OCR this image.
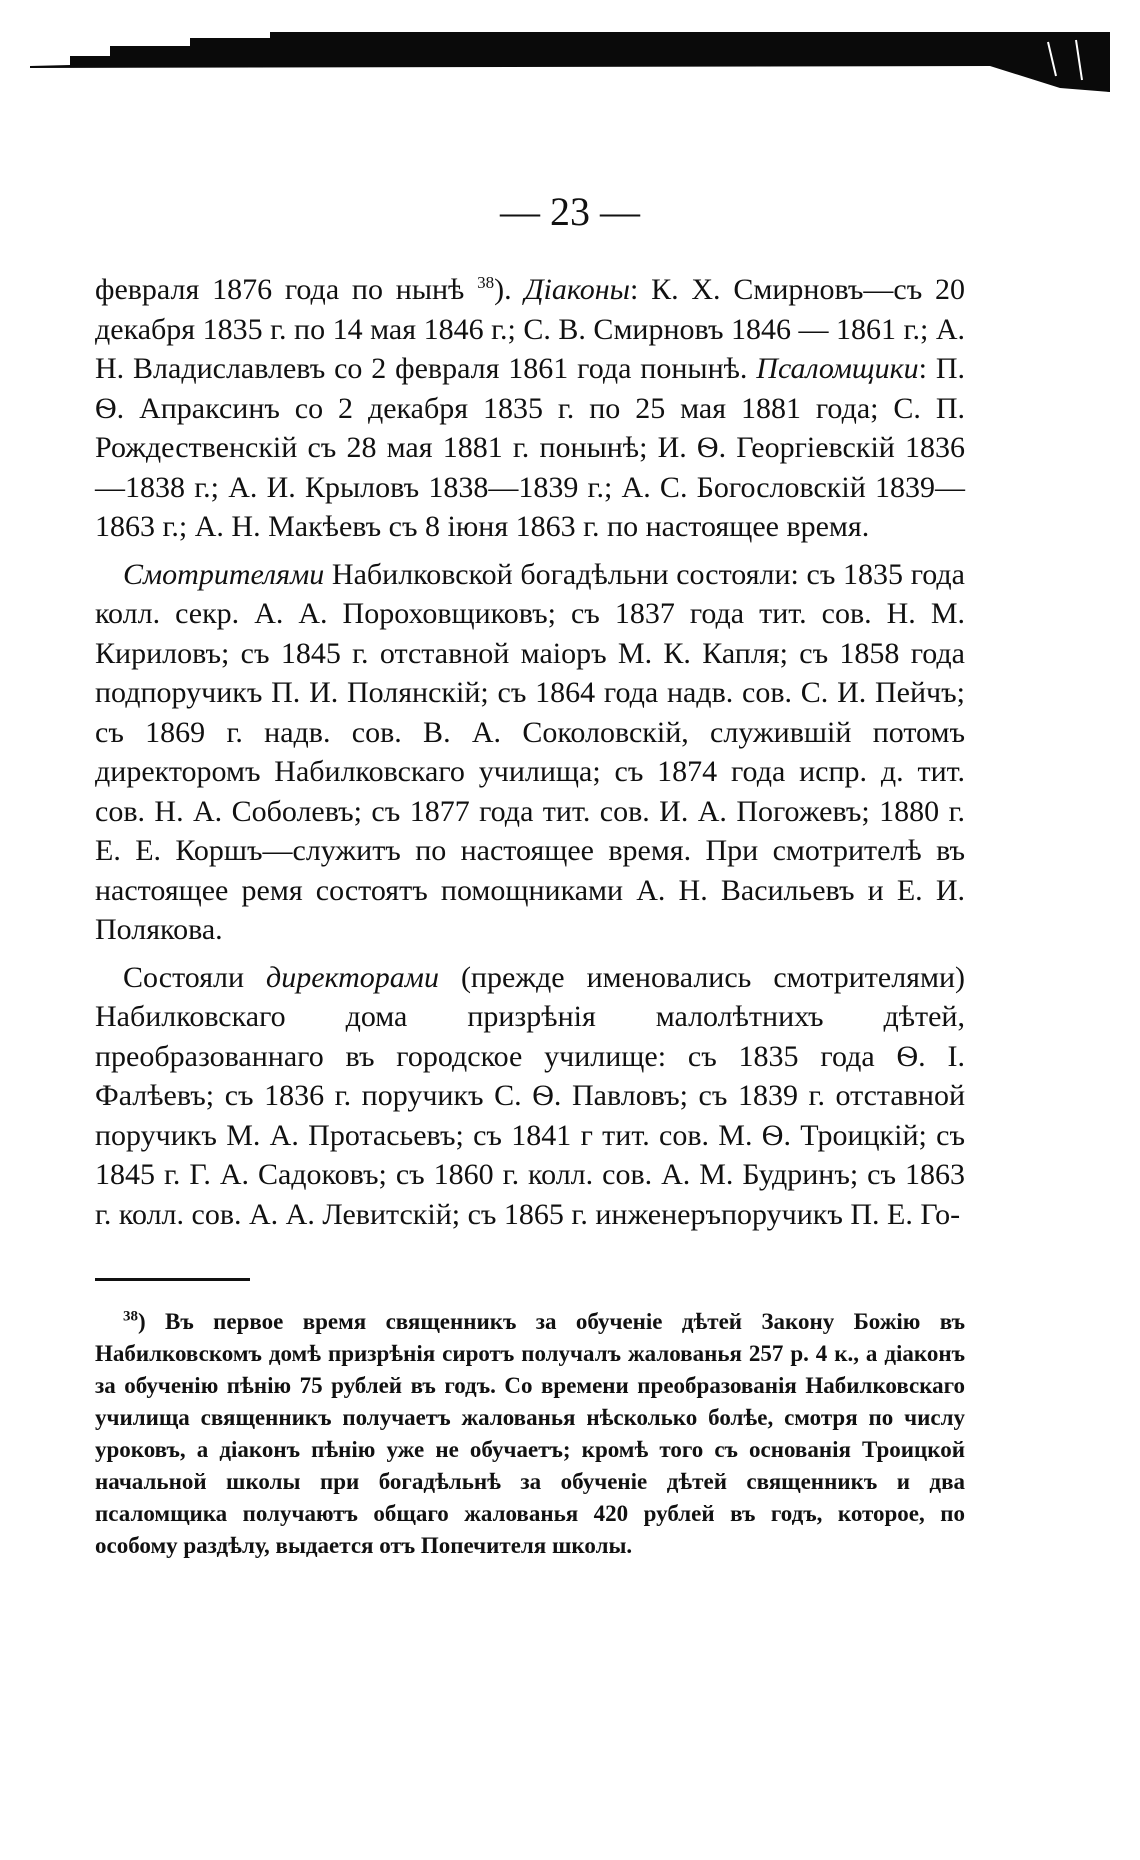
— 23 —

февраля 1876 года по нынѣ $^{38}$). Діаконы: К. Х. Смирновъ—съ 20 декабря 1835 г. по 14 мая 1846 г.; С. В. Смирновъ 1846 — 1861 г.; А. Н. Владиславлевъ со 2 февраля 1861 года понынѣ. Псаломщики: П. Ѳ. Апраксинъ со 2 декабря 1835 г. по 25 мая 1881 года; С. П. Рождественскій съ 28 мая 1881 г. понынѣ; И. Ѳ. Георгіевскій 1836—1838 г.; А. И. Крыловъ 1838—1839 г.; А. С. Богословскій 1839—1863 г.; А. Н. Макѣевъ съ 8 іюня 1863 г. по настоящее время.

Смотрителями Набилковской богадѣльни состояли: съ 1835 года колл. секр. А. А. Пороховщиковъ; съ 1837 года тит. сов. Н. М. Кириловъ; съ 1845 г. отставной маіоръ М. К. Капля; съ 1858 года подпоручикъ П. И. Полянскій; съ 1864 года надв. сов. С. И. Пейчъ; съ 1869 г. надв. сов. В. А. Соколовскій, служившій потомъ директоромъ Набилковскаго училища; съ 1874 года испр. д. тит. сов. Н. А. Соболевъ; съ 1877 года тит. сов. И. А. Погожевъ; 1880 г. Е. Е. Коршъ—служитъ по настоящее время. При смотрителѣ въ настоящее ремя состоятъ помощниками А. Н. Васильевъ и Е. И. Полякова.

Состояли директорами (прежде именовались смотрителями) Набилковскаго дома призрѣнія малолѣтнихъ дѣтей, преобразованнаго въ городское училище: съ 1835 года Ѳ. І. Фалѣевъ; съ 1836 г. поручикъ С. Ѳ. Павловъ; съ 1839 г. отставной поручикъ М. А. Протасьевъ; съ 1841 г тит. сов. М. Ѳ. Троицкій; съ 1845 г. Г. А. Садоковъ; съ 1860 г. колл. сов. А. М. Будринъ; съ 1863 г. колл. сов. А. А. Левитскій; съ 1865 г. инженеръпоручикъ П. Е. Го-

$^{38}$) Въ первое время священникъ за обученіе дѣтей Закону Божію въ Набилковскомъ домѣ призрѣнія сиротъ получалъ жалованья 257 р. 4 к., а діаконъ за обученію пѣнію 75 рублей въ годъ. Со времени преобразованія Набилковскаго училища священникъ получаетъ жалованья нѣсколько болѣе, смотря по числу уроковъ, а діаконъ пѣнію уже не обучаетъ; кромѣ того съ основанія Троицкой начальной школы при богадѣльнѣ за обученіе дѣтей священникъ и два псаломщика получаютъ общаго жалованья 420 рублей въ годъ, которое, по особому раздѣлу, выдается отъ Попечителя школы.
